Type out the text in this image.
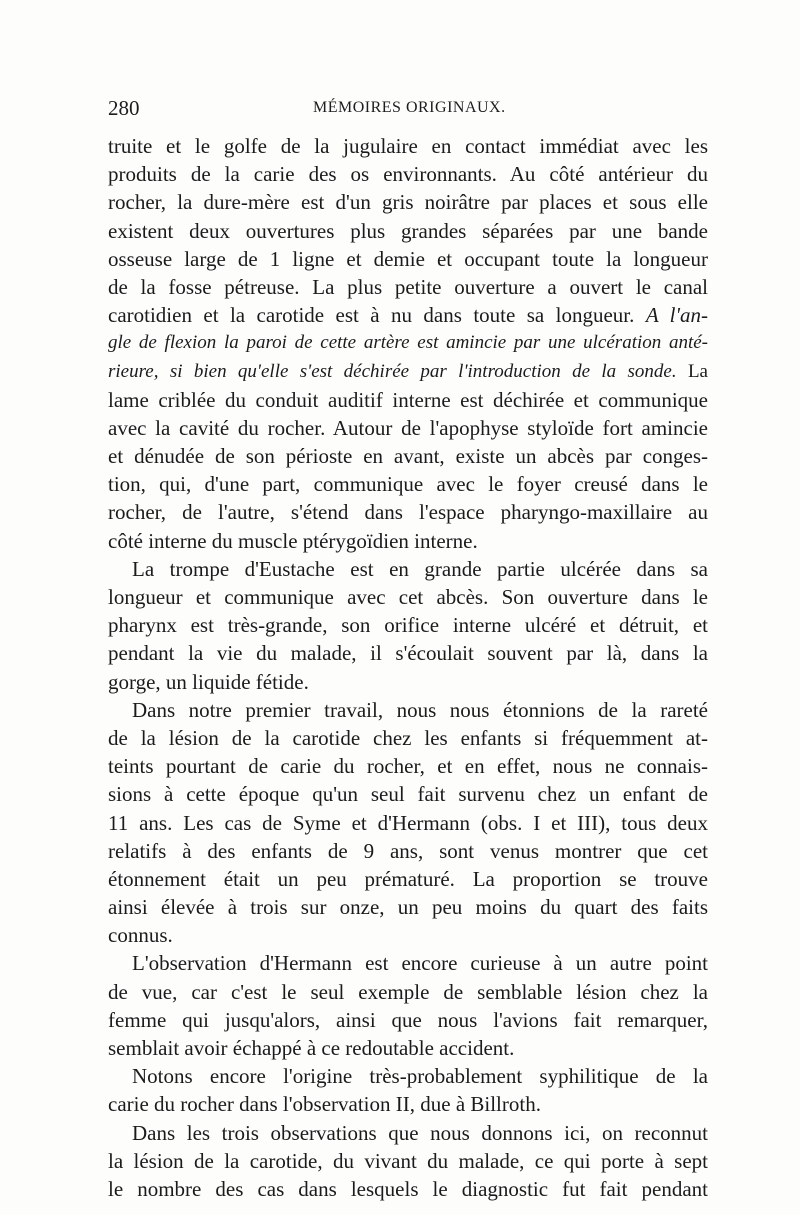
280	MÉMOIRES ORIGINAUX.
truite et le golfe de la jugulaire en contact immédiat avec les
produits de la carie des os environnants. Au côté antérieur du
rocher, la dure-mère est d'un gris noirâtre par places et sous elle
existent deux ouvertures plus grandes séparées par une bande
osseuse large de 1 ligne et demie et occupant toute la longueur
de la fosse pétreuse. La plus petite ouverture a ouvert le canal
carotidien et la carotide est à nu dans toute sa longueur. A l'an-
gle de flexion la paroi de cette artère est amincie par une ulcération anté-
rieure, si bien qu'elle s'est déchirée par l'introduction de la sonde. La
lame criblée du conduit auditif interne est déchirée et communique
avec la cavité du rocher. Autour de l'apophyse styloïde fort amincie
et dénudée de son périoste en avant, existe un abcès par conges-
tion, qui, d'une part, communique avec le foyer creusé dans le
rocher, de l'autre, s'étend dans l'espace pharyngo-maxillaire au
côté interne du muscle ptérygoïdien interne.
La trompe d'Eustache est en grande partie ulcérée dans sa
longueur et communique avec cet abcès. Son ouverture dans le
pharynx est très-grande, son orifice interne ulcéré et détruit, et
pendant la vie du malade, il s'écoulait souvent par là, dans la
gorge, un liquide fétide.
Dans notre premier travail, nous nous étonnions de la rareté
de la lésion de la carotide chez les enfants si fréquemment at-
teints pourtant de carie du rocher, et en effet, nous ne connais-
sions à cette époque qu'un seul fait survenu chez un enfant de
11 ans. Les cas de Syme et d'Hermann (obs. I et III), tous deux
relatifs à des enfants de 9 ans, sont venus montrer que cet
étonnement était un peu prématuré. La proportion se trouve
ainsi élevée à trois sur onze, un peu moins du quart des faits
connus.
L'observation d'Hermann est encore curieuse à un autre point
de vue, car c'est le seul exemple de semblable lésion chez la
femme qui jusqu'alors, ainsi que nous l'avions fait remarquer,
semblait avoir échappé à ce redoutable accident.
Notons encore l'origine très-probablement syphilitique de la
carie du rocher dans l'observation II, due à Billroth.
Dans les trois observations que nous donnons ici, on reconnut
la lésion de la carotide, du vivant du malade, ce qui porte à sept
le nombre des cas dans lesquels le diagnostic fut fait pendant
